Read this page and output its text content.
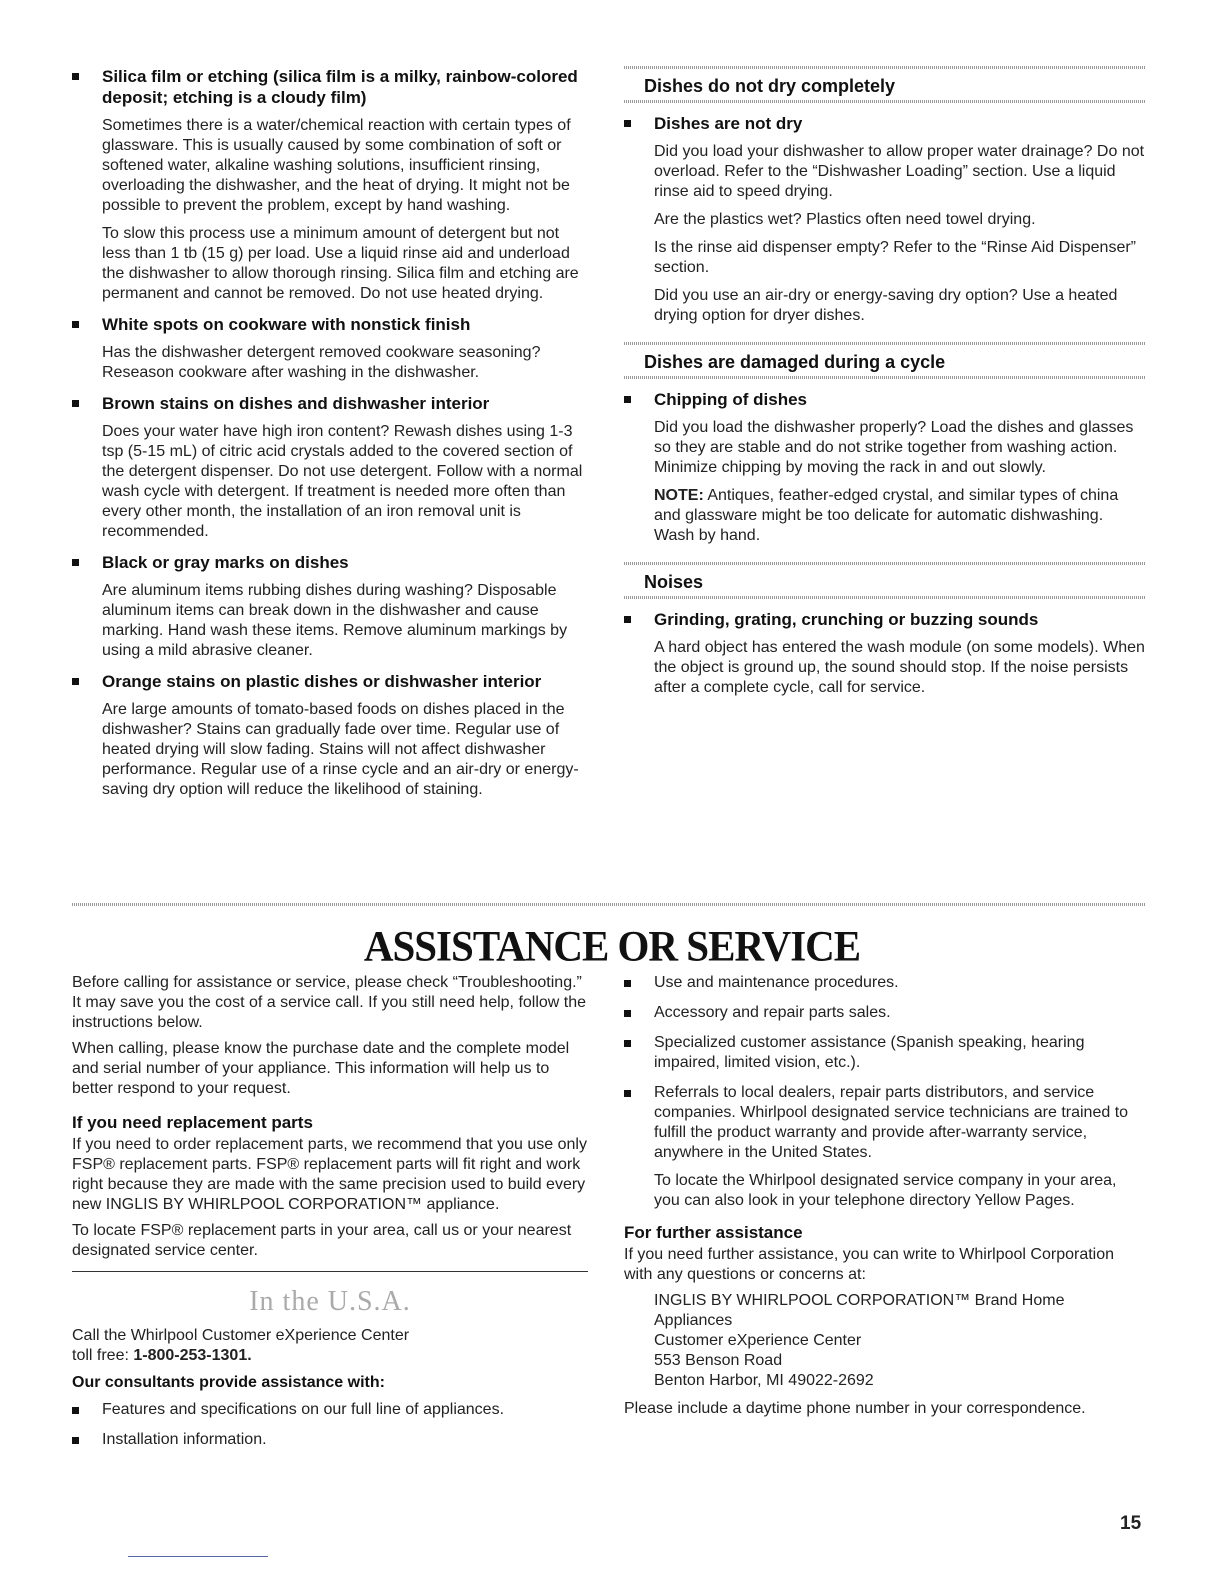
Silica film or etching (silica film is a milky, rainbow-colored deposit; etching is a cloudy film)

Sometimes there is a water/chemical reaction with certain types of glassware. This is usually caused by some combination of soft or softened water, alkaline washing solutions, insufficient rinsing, overloading the dishwasher, and the heat of drying. It might not be possible to prevent the problem, except by hand washing.

To slow this process use a minimum amount of detergent but not less than 1 tb (15 g) per load. Use a liquid rinse aid and underload the dishwasher to allow thorough rinsing. Silica film and etching are permanent and cannot be removed. Do not use heated drying.

White spots on cookware with nonstick finish

Has the dishwasher detergent removed cookware seasoning? Reseason cookware after washing in the dishwasher.

Brown stains on dishes and dishwasher interior

Does your water have high iron content? Rewash dishes using 1-3 tsp (5-15 mL) of citric acid crystals added to the covered section of the detergent dispenser. Do not use detergent. Follow with a normal wash cycle with detergent. If treatment is needed more often than every other month, the installation of an iron removal unit is recommended.

Black or gray marks on dishes

Are aluminum items rubbing dishes during washing? Disposable aluminum items can break down in the dishwasher and cause marking. Hand wash these items. Remove aluminum markings by using a mild abrasive cleaner.

Orange stains on plastic dishes or dishwasher interior

Are large amounts of tomato-based foods on dishes placed in the dishwasher? Stains can gradually fade over time. Regular use of heated drying will slow fading. Stains will not affect dishwasher performance. Regular use of a rinse cycle and an air-dry or energy-saving dry option will reduce the likelihood of staining.

Dishes do not dry completely
Dishes are not dry

Did you load your dishwasher to allow proper water drainage? Do not overload. Refer to the “Dishwasher Loading” section. Use a liquid rinse aid to speed drying.

Are the plastics wet? Plastics often need towel drying.

Is the rinse aid dispenser empty? Refer to the “Rinse Aid Dispenser” section.

Did you use an air-dry or energy-saving dry option? Use a heated drying option for dryer dishes.

Dishes are damaged during a cycle
Chipping of dishes

Did you load the dishwasher properly? Load the dishes and glasses so they are stable and do not strike together from washing action. Minimize chipping by moving the rack in and out slowly.

NOTE: Antiques, feather-edged crystal, and similar types of china and glassware might be too delicate for automatic dishwashing. Wash by hand.

Noises
Grinding, grating, crunching or buzzing sounds

A hard object has entered the wash module (on some models). When the object is ground up, the sound should stop. If the noise persists after a complete cycle, call for service.

ASSISTANCE OR SERVICE

Before calling for assistance or service, please check “Troubleshooting.” It may save you the cost of a service call. If you still need help, follow the instructions below.

When calling, please know the purchase date and the complete model and serial number of your appliance. This information will help us to better respond to your request.

If you need replacement parts

If you need to order replacement parts, we recommend that you use only FSP® replacement parts. FSP® replacement parts will fit right and work right because they are made with the same precision used to build every new INGLIS BY WHIRLPOOL CORPORATION™ appliance.

To locate FSP® replacement parts in your area, call us or your nearest designated service center.

In the U.S.A.

Call the Whirlpool Customer eXperience Center

toll free: 1-800-253-1301.

Our consultants provide assistance with:
Features and specifications on our full line of appliances.
Installation information.
Use and maintenance procedures.
Accessory and repair parts sales.
Specialized customer assistance (Spanish speaking, hearing impaired, limited vision, etc.).
Referrals to local dealers, repair parts distributors, and service companies. Whirlpool designated service technicians are trained to fulfill the product warranty and provide after-warranty service, anywhere in the United States.

To locate the Whirlpool designated service company in your area, you can also look in your telephone directory Yellow Pages.

For further assistance

If you need further assistance, you can write to Whirlpool Corporation with any questions or concerns at:

INGLIS BY WHIRLPOOL CORPORATION™ Brand Home Appliances
Customer eXperience Center
553 Benson Road
Benton Harbor, MI 49022-2692

Please include a daytime phone number in your correspondence.

15
